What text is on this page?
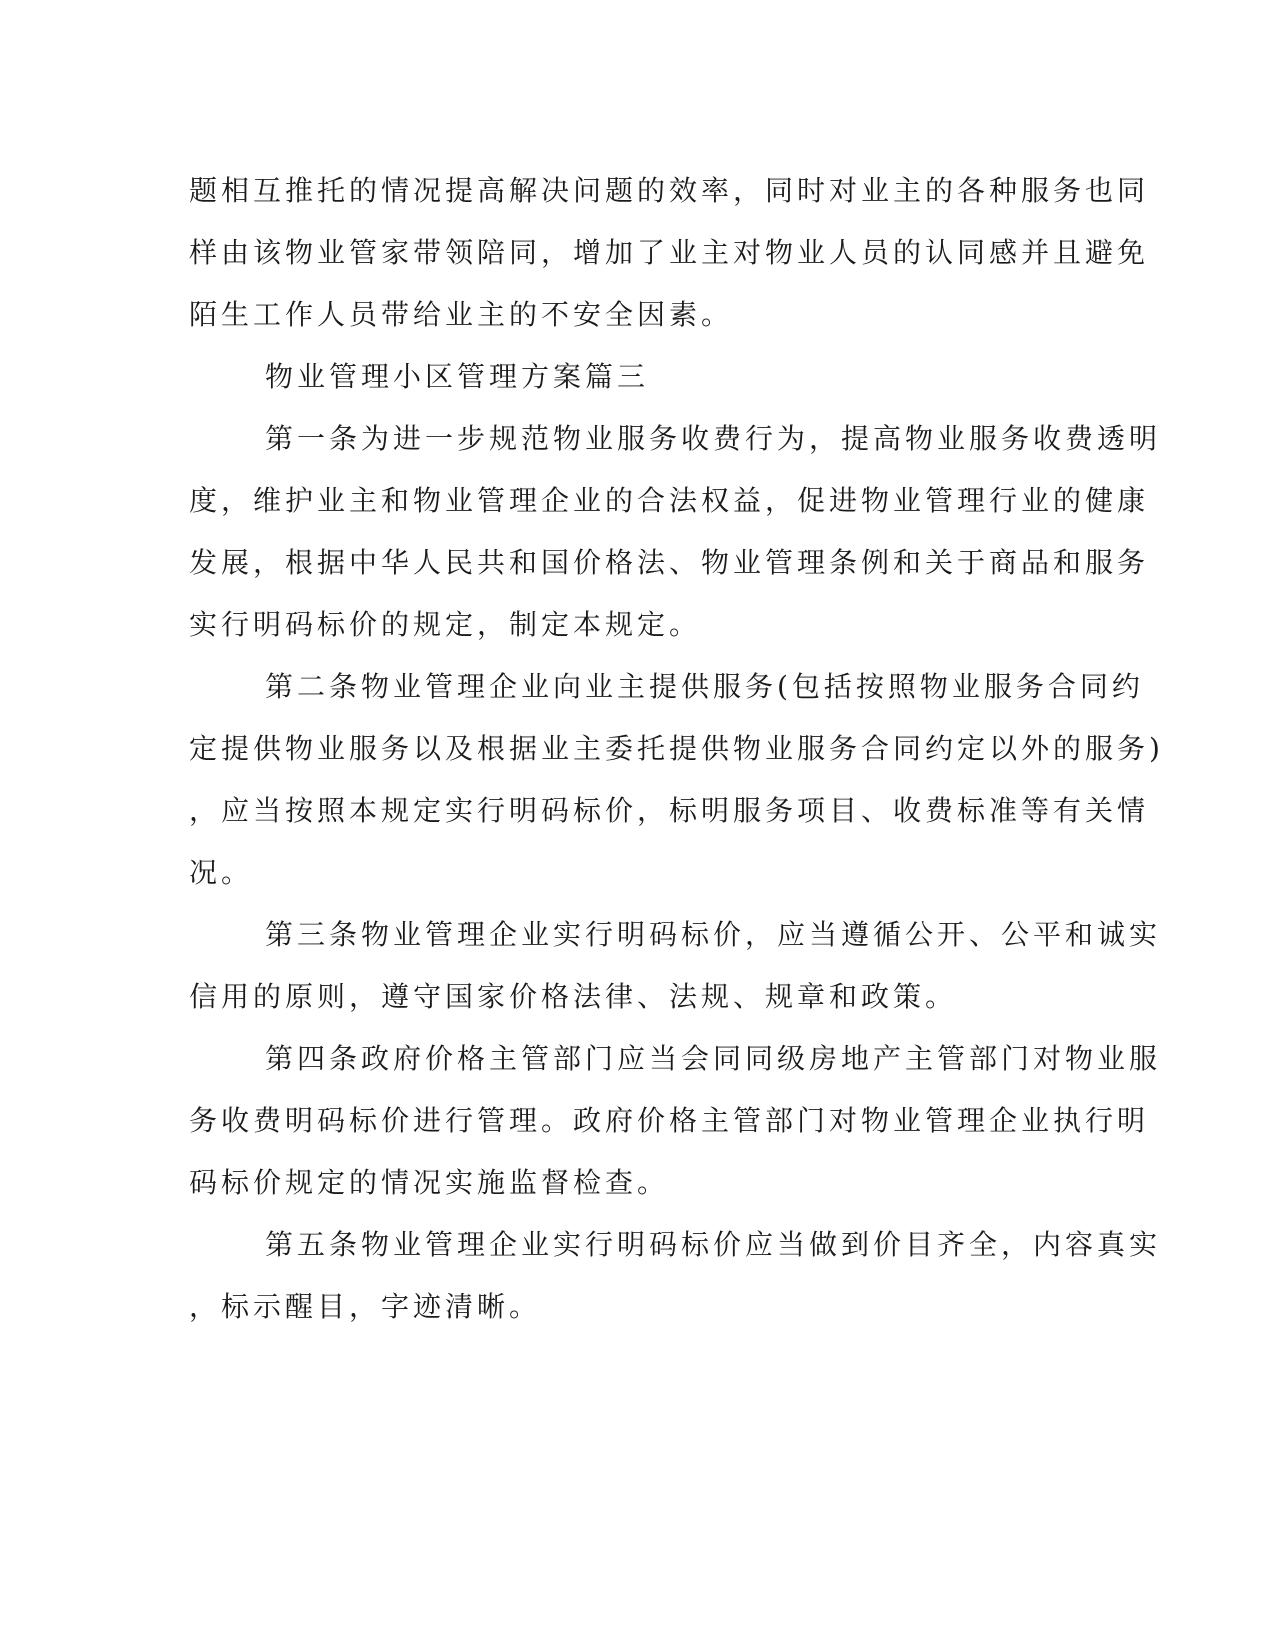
题相互推托的情况提高解决问题的效率，同时对业主的各种服务也同
样由该物业管家带领陪同，增加了业主对物业人员的认同感并且避免
陌生工作人员带给业主的不安全因素。
物业管理小区管理方案篇三
第一条为进一步规范物业服务收费行为，提高物业服务收费透明
度，维护业主和物业管理企业的合法权益，促进物业管理行业的健康
发展，根据中华人民共和国价格法、物业管理条例和关于商品和服务
实行明码标价的规定，制定本规定。
第二条物业管理企业向业主提供服务(包括按照物业服务合同约
定提供物业服务以及根据业主委托提供物业服务合同约定以外的服务)
，应当按照本规定实行明码标价，标明服务项目、收费标准等有关情
况。
第三条物业管理企业实行明码标价，应当遵循公开、公平和诚实
信用的原则，遵守国家价格法律、法规、规章和政策。
第四条政府价格主管部门应当会同同级房地产主管部门对物业服
务收费明码标价进行管理。政府价格主管部门对物业管理企业执行明
码标价规定的情况实施监督检查。
第五条物业管理企业实行明码标价应当做到价目齐全，内容真实
，标示醒目，字迹清晰。
